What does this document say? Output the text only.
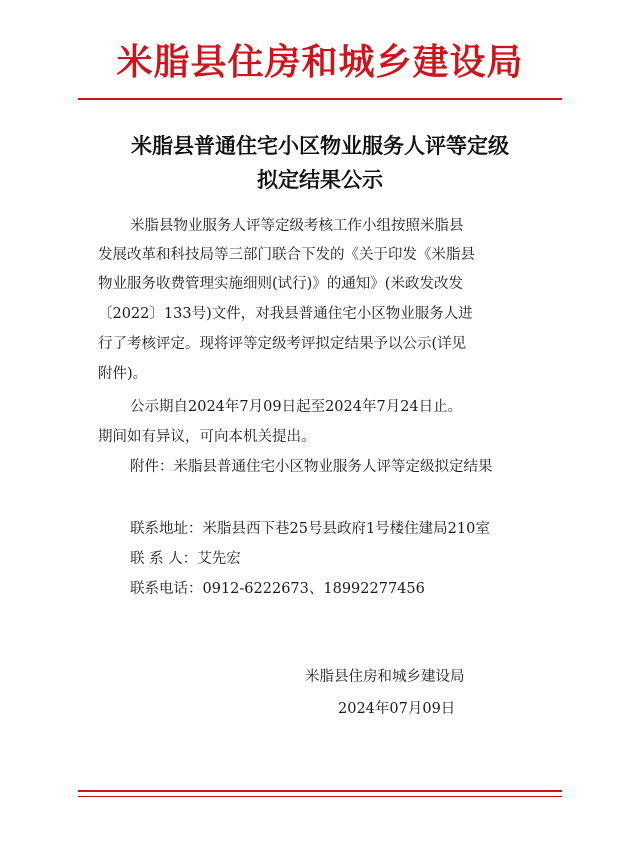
米脂县住房和城乡建设局
米脂县普通住宅小区物业服务人评等定级
拟定结果公示
米脂县物业服务人评等定级考核工作小组按照米脂县
发展改革和科技局等三部门联合下发的《关于印发《米脂县
物业服务收费管理实施细则(试行)》的通知》(米政发改发
〔2022〕133号)文件，对我县普通住宅小区物业服务人进
行了考核评定。现将评等定级考评拟定结果予以公示(详见
附件)。
公示期自2024年7月09日起至2024年7月24日止。
期间如有异议，可向本机关提出。
附件：米脂县普通住宅小区物业服务人评等定级拟定结果
联系地址：米脂县西下巷25号县政府1号楼住建局210室
联 系 人：艾先宏
联系电话：0912-6222673、18992277456
米脂县住房和城乡建设局
2024年07月09日
